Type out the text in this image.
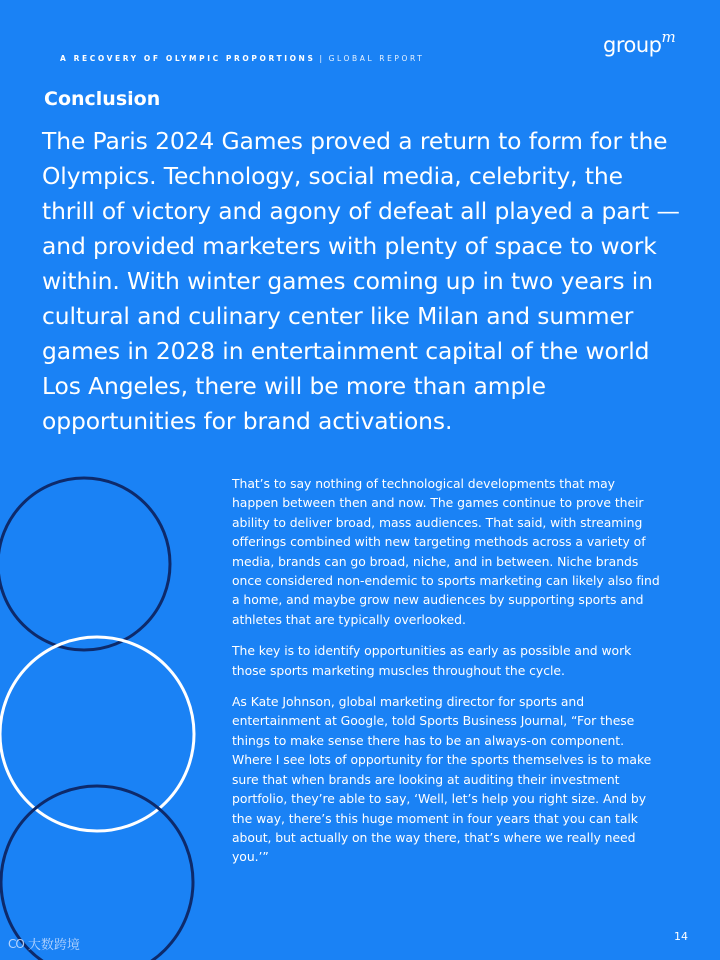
A RECOVERY OF OLYMPIC PROPORTIONS | GLOBAL REPORT
group$^m$
Conclusion

The Paris 2024 Games proved a return to form for the Olympics. Technology, social media, celebrity, the thrill of victory and agony of defeat all played a part — and provided marketers with plenty of space to work within. With winter games coming up in two years in cultural and culinary center like Milan and summer games in 2028 in entertainment capital of the world Los Angeles, there will be more than ample opportunities for brand activations.

That’s to say nothing of technological developments that may happen between then and now. The games continue to prove their ability to deliver broad, mass audiences. That said, with streaming offerings combined with new targeting methods across a variety of media, brands can go broad, niche, and in between. Niche brands once considered non-endemic to sports marketing can likely also find a home, and maybe grow new audiences by supporting sports and athletes that are typically overlooked.

The key is to identify opportunities as early as possible and work those sports marketing muscles throughout the cycle.

As Kate Johnson, global marketing director for sports and entertainment at Google, told Sports Business Journal, “For these things to make sense there has to be an always-on component. Where I see lots of opportunity for the sports themselves is to make sure that when brands are looking at auditing their investment portfolio, they’re able to say, ‘Well, let’s help you right size. And by the way, there’s this huge moment in four years that you can talk about, but actually on the way there, that’s where we really need you.’”

14
CO 大数跨境
